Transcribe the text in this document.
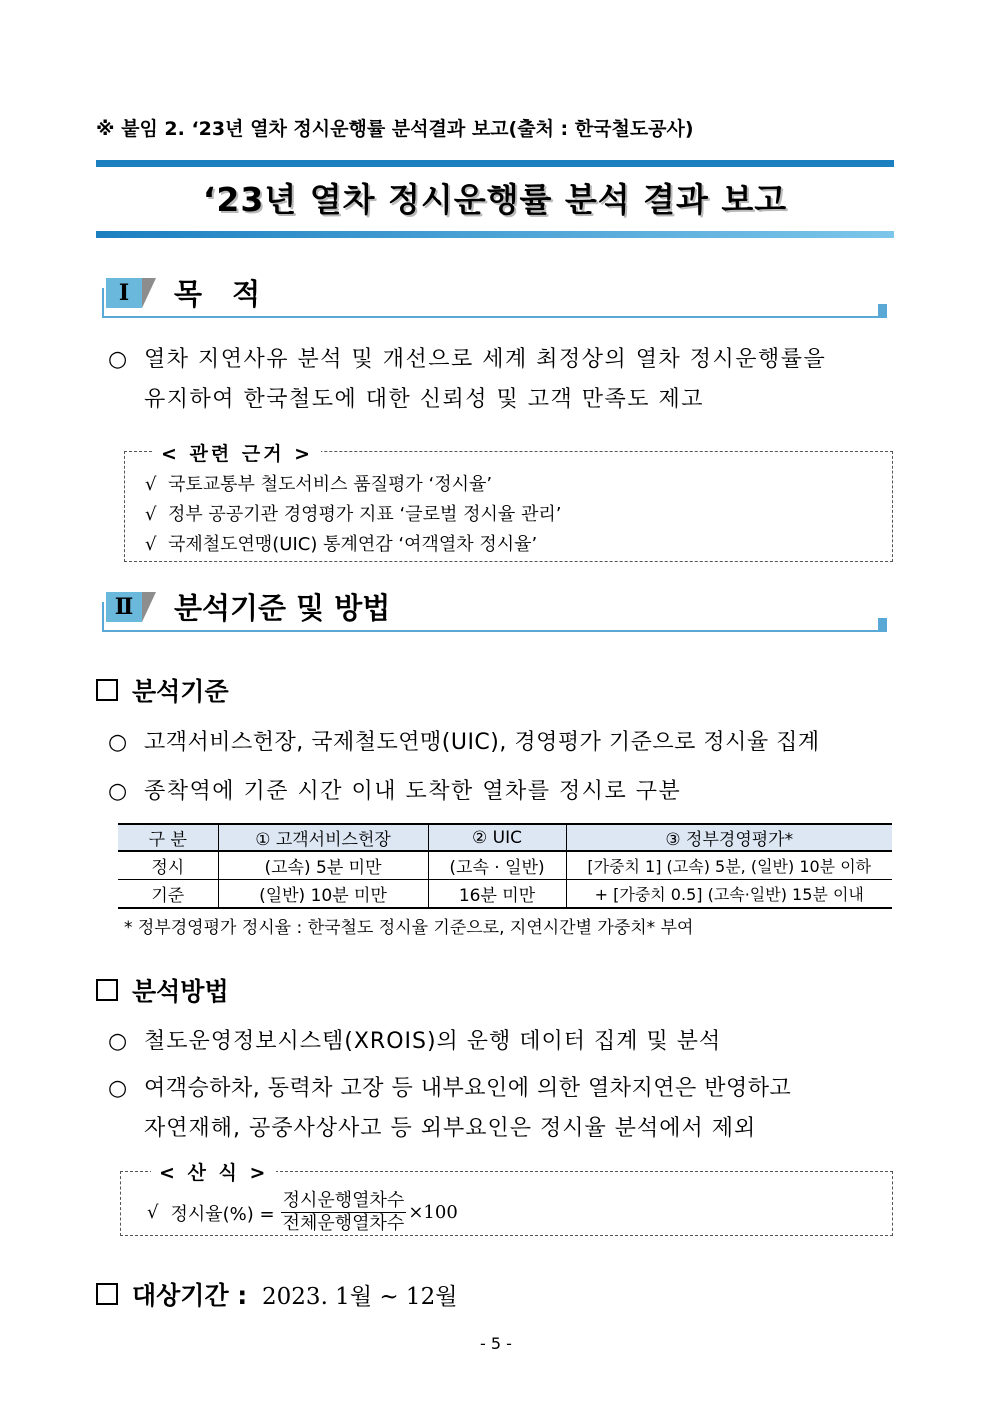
※ 붙임 2. ‘23년 열차 정시운행률 분석결과 보고(출처 : 한국철도공사)
‘23년 열차 정시운행률 분석 결과 보고
Ⅰ	목 적
○ 열차 지연사유 분석 및 개선으로 세계 최정상의 열차 정시운행률을
유지하여 한국철도에 대한 신뢰성 및 고객 만족도 제고
< 관련 근거 >
√ 국토교통부 철도서비스 품질평가 ‘정시율’
√ 정부 공공기관 경영평가 지표 ‘글로벌 정시율 관리’
√ 국제철도연맹(UIC) 통계연감 ‘여객열차 정시율’
Ⅱ	분석기준 및 방법
분석기준
○ 고객서비스헌장, 국제철도연맹(UIC), 경영평가 기준으로 정시율 집계
○ 종착역에 기준 시간 이내 도착한 열차를 정시로 구분
구 분	① 고객서비스헌장	② UIC	③ 정부경영평가*
정시	(고속) 5분 미만	(고속 · 일반)	[가중치 1] (고속) 5분, (일반) 10분 이하
기준	(일반) 10분 미만	16분 미만	+ [가중치 0.5] (고속·일반) 15분 이내
* 정부경영평가 정시율 : 한국철도 정시율 기준으로, 지연시간별 가중치* 부여
분석방법
○ 철도운영정보시스템(XROIS)의 운행 데이터 집계 및 분석
○ 여객승하차, 동력차 고장 등 내부요인에 의한 열차지연은 반영하고
자연재해, 공중사상사고 등 외부요인은 정시율 분석에서 제외
< 산 식 >
√ 정시율(%) = $\frac{\text{정시운행열차수}}{\text{전체운행열차수}} \times 100$
대상기간 : 2023. 1월 ~ 12월
- 5 -
